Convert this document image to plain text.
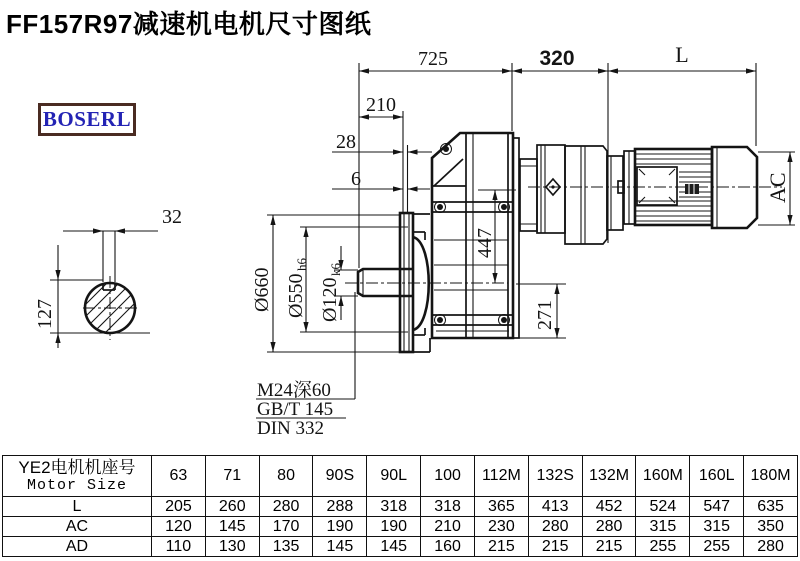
FF157R97减速机电机尺寸图纸
BOSERL
725	320	L
210
28
6
32
127
447
271
AC
Ø660 Ø550
h6
Ø120
k6
M24深60
GB/T 145
DIN 332
YE2电机机座号
Motor Size	63	71	80	90S	90L	100	112M	132S	132M	160M	160L	180M
L	205	260	280	288	318	318	365	413	452	524	547	635
AC	120	145	170	190	190	210	230	280	280	315	315	350
AD	110	130	135	145	145	160	215	215	215	255	255	280
